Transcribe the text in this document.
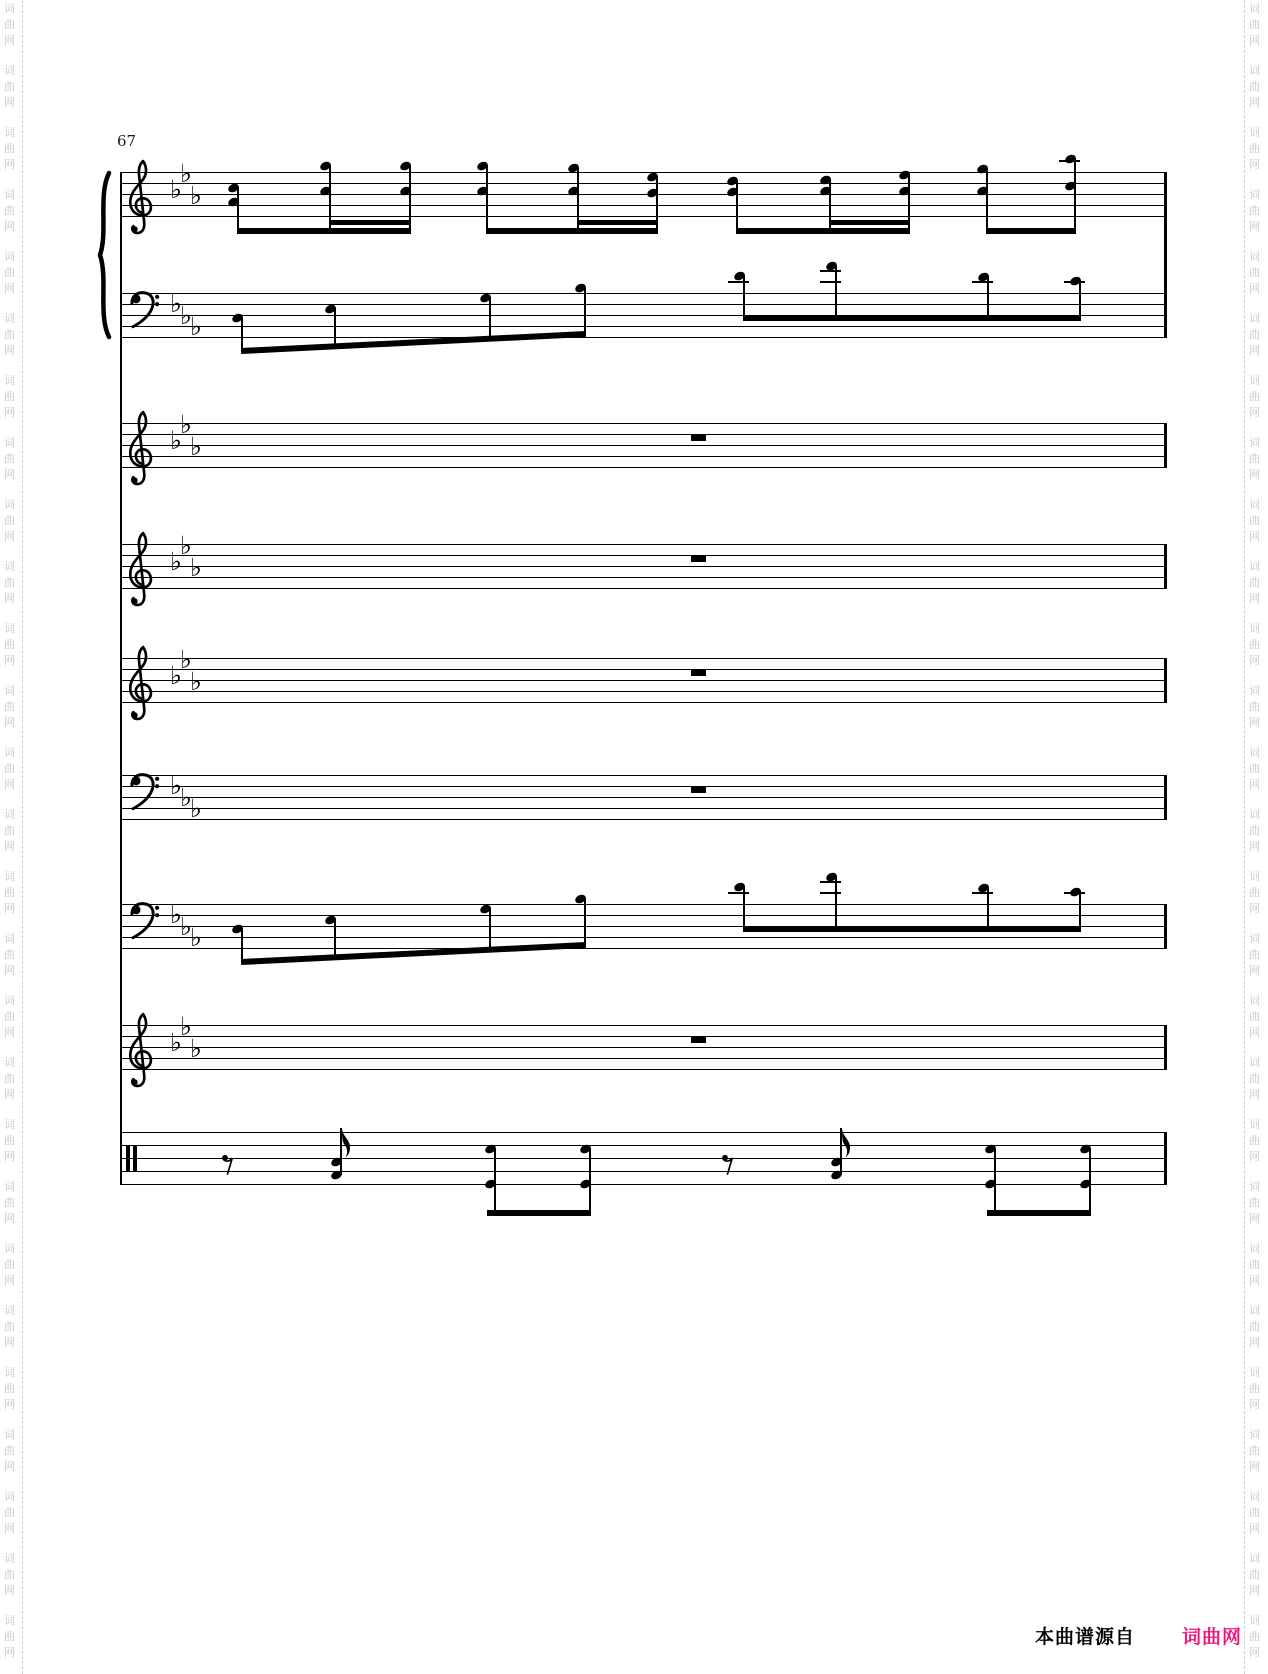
词
曲
网
词
曲
网
词
曲
网
词
曲
网
词
曲
网
词
曲
网
词
曲
网
词
曲
网
词
曲
网
词
曲
网
词
曲
网
词
曲
网
词
曲
网
词
曲
网
词
曲
网
词
曲
网
词
曲
网
词
曲
网
词
曲
网
词
曲
网
词
曲
网
词
曲
网
词
曲
网
词
曲
网
词
曲
网
词
曲
网
词
曲
网
词
曲
网
词
曲
网
词
曲
网
词
曲
网
词
曲
网
词
曲
网
词
曲
网
词
曲
网
词
曲
网
词
曲
网
词
曲
网
词
曲
网
词
曲
网
词
曲
网
词
曲
网
词
曲
网
词
曲
网
词
曲
网
词
曲
网
词
曲
网
词
曲
网
词
曲
网
词
曲
网
词
曲
网
词
曲
网
词
曲
网
词
曲
网
♭
♭
♭
♭
♭
♭
♭
♭
♭
♭
♭
♭
♭
♭
♭
♭
♭
♭
♭
♭
♭
♭
♭
♭
67
本曲谱源自 词曲网
